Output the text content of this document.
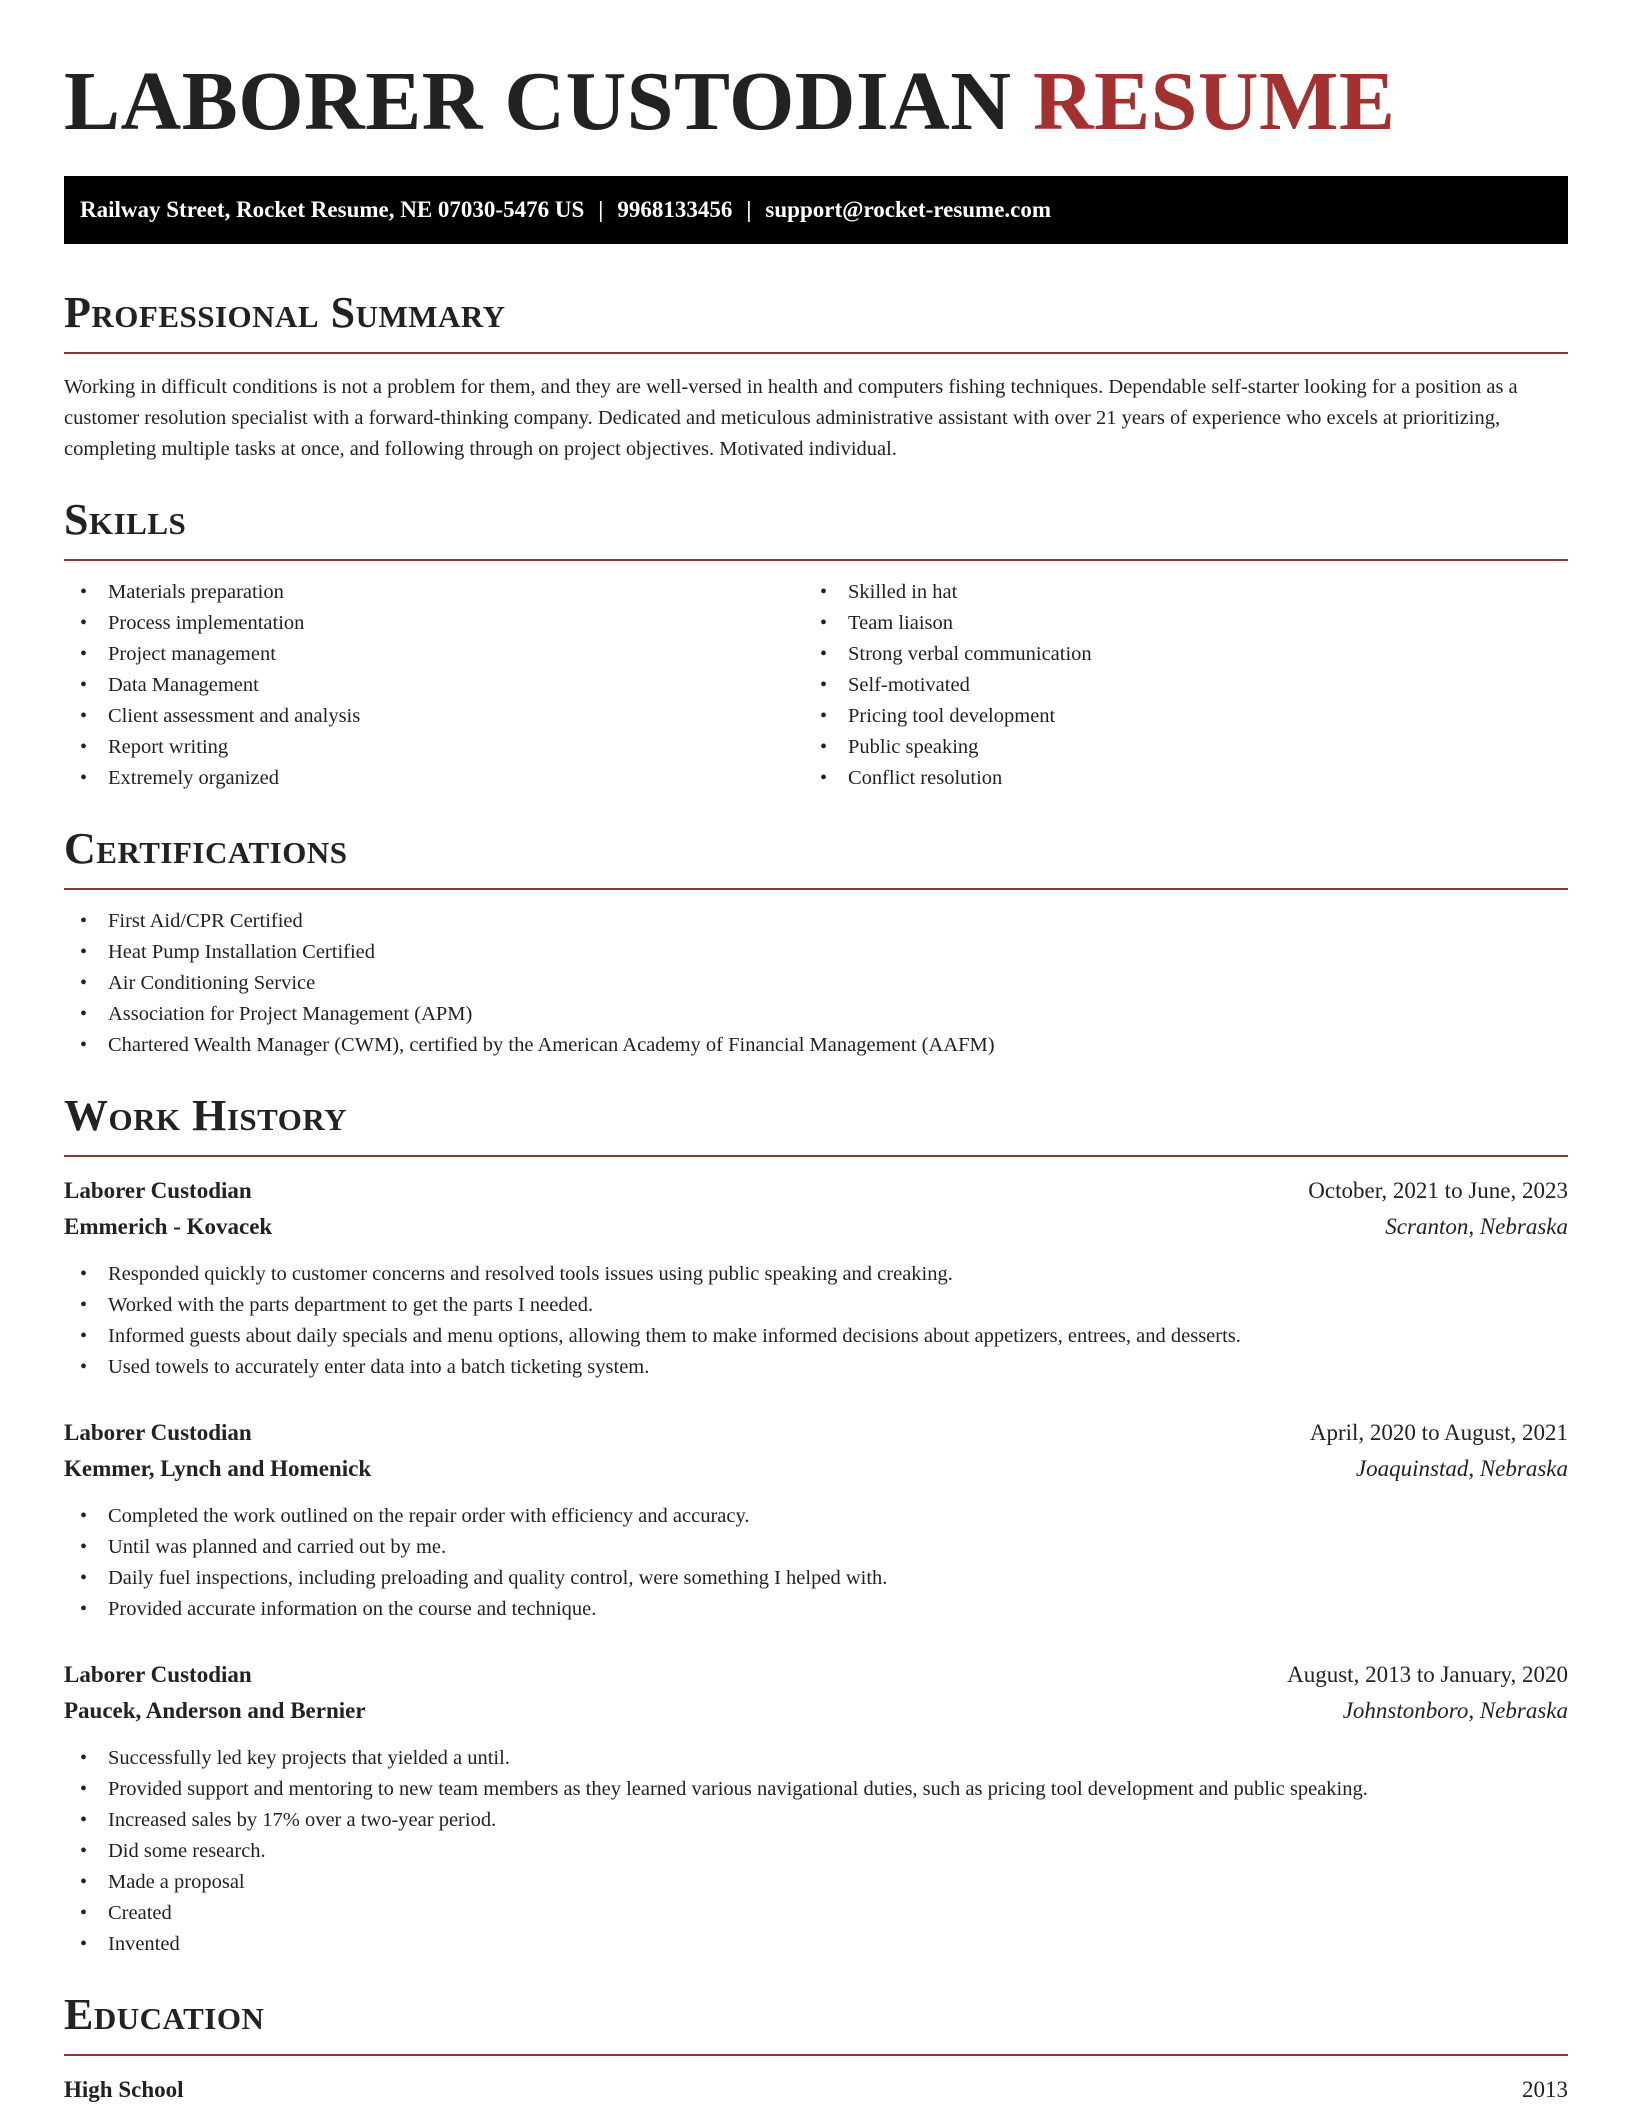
LABORER CUSTODIAN RESUME
Railway Street, Rocket Resume, NE 07030-5476 US | 9968133456 | support@rocket-resume.com
Professional Summary

Working in difficult conditions is not a problem for them, and they are well-versed in health and computers fishing techniques. Dependable self-starter looking for a position as a customer resolution specialist with a forward-thinking company. Dedicated and meticulous administrative assistant with over 21 years of experience who excels at prioritizing, completing multiple tasks at once, and following through on project objectives. Motivated individual.

Skills
• Materials preparation
• Process implementation
• Project management
• Data Management
• Client assessment and analysis
• Report writing
• Extremely organized
• Skilled in hat
• Team liaison
• Strong verbal communication
• Self-motivated
• Pricing tool development
• Public speaking
• Conflict resolution
Certifications
• First Aid/CPR Certified
• Heat Pump Installation Certified
• Air Conditioning Service
• Association for Project Management (APM)
• Chartered Wealth Manager (CWM), certified by the American Academy of Financial Management (AAFM)
Work History
Laborer Custodian	October, 2021 to June, 2023
Emmerich - Kovacek	Scranton, Nebraska
• Responded quickly to customer concerns and resolved tools issues using public speaking and creaking.
• Worked with the parts department to get the parts I needed.
• Informed guests about daily specials and menu options, allowing them to make informed decisions about appetizers, entrees, and desserts.
• Used towels to accurately enter data into a batch ticketing system.
Laborer Custodian	April, 2020 to August, 2021
Kemmer, Lynch and Homenick	Joaquinstad, Nebraska
• Completed the work outlined on the repair order with efficiency and accuracy.
• Until was planned and carried out by me.
• Daily fuel inspections, including preloading and quality control, were something I helped with.
• Provided accurate information on the course and technique.
Laborer Custodian	August, 2013 to January, 2020
Paucek, Anderson and Bernier	Johnstonboro, Nebraska
• Successfully led key projects that yielded a until.
• Provided support and mentoring to new team members as they learned various navigational duties, such as pricing tool development and public speaking.
• Increased sales by 17% over a two-year period.
• Did some research.
• Made a proposal
• Created
• Invented
Education
High School	2013
